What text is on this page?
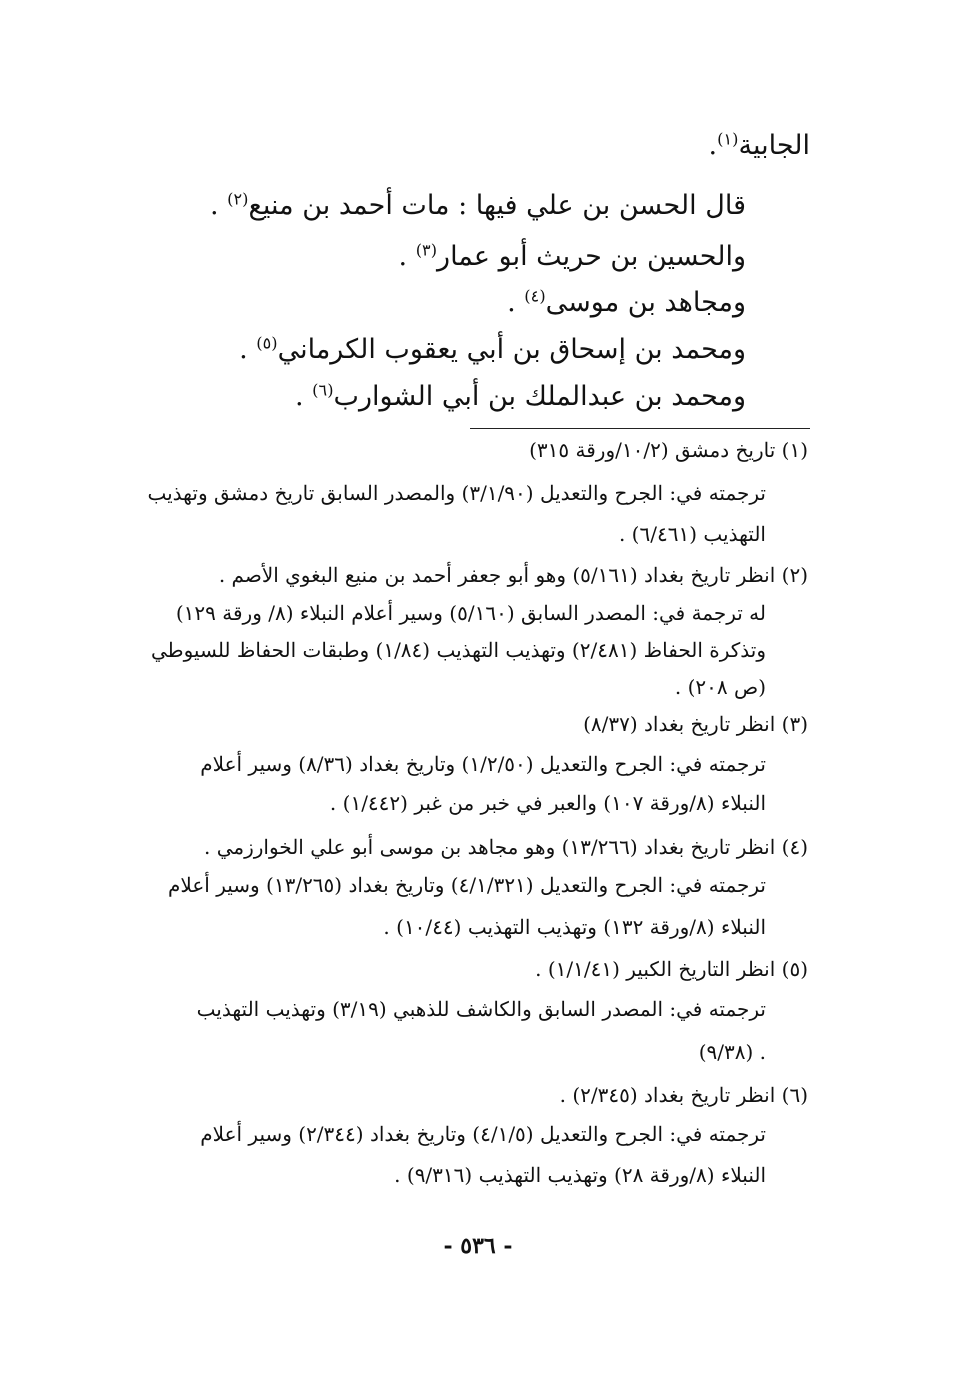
الجابية$^{(١)}$.
قال الحسن بن علي فيها : مات أحمد بن منيع$^{(٢)}$ .
والحسين بن حريث أبو عمار$^{(٣)}$ .
ومجاهد بن موسى$^{(٤)}$ .
ومحمد بن إسحاق بن أبي يعقوب الكرماني$^{(٥)}$ .
ومحمد بن عبدالملك بن أبي الشوارب$^{(٦)}$ .
(١) تاريخ دمشق (١٠/٢/ورقة ٣١٥)
ترجمته في: الجرح والتعديل (٣/١/٩٠) والمصدر السابق تاريخ دمشق وتهذيب
التهذيب (٦/٤٦١) .
(٢) انظر تاريخ بغداد (٥/١٦١) وهو أبو جعفر أحمد بن منيع البغوي الأصم .
له ترجمة في: المصدر السابق (٥/١٦٠) وسير أعلام النبلاء (٨/ ورقة ١٢٩)
وتذكرة الحفاظ (٢/٤٨١) وتهذيب التهذيب (١/٨٤) وطبقات الحفاظ للسيوطي
(ص ٢٠٨) .
(٣) انظر تاريخ بغداد (٨/٣٧)
ترجمته في: الجرح والتعديل (١/٢/٥٠) وتاريخ بغداد (٨/٣٦) وسير أعلام
النبلاء (٨/ورقة ١٠٧) والعبر في خبر من غبر (١/٤٤٢) .
(٤) انظر تاريخ بغداد (١٣/٢٦٦) وهو مجاهد بن موسى أبو علي الخوارزمي .
ترجمته في: الجرح والتعديل (٤/١/٣٢١) وتاريخ بغداد (١٣/٢٦٥) وسير أعلام
النبلاء (٨/ورقة ١٣٢) وتهذيب التهذيب (١٠/٤٤) .
(٥) انظر التاريخ الكبير (١/١/٤١) .
ترجمته في: المصدر السابق والكاشف للذهبي (٣/١٩) وتهذيب التهذيب
(٩/٣٨) .
(٦) انظر تاريخ بغداد (٢/٣٤٥) .
ترجمته في: الجرح والتعديل (٤/١/٥) وتاريخ بغداد (٢/٣٤٤) وسير أعلام
النبلاء (٨/ورقة ٢٨) وتهذيب التهذيب (٩/٣١٦) .
- ٥٣٦ -
